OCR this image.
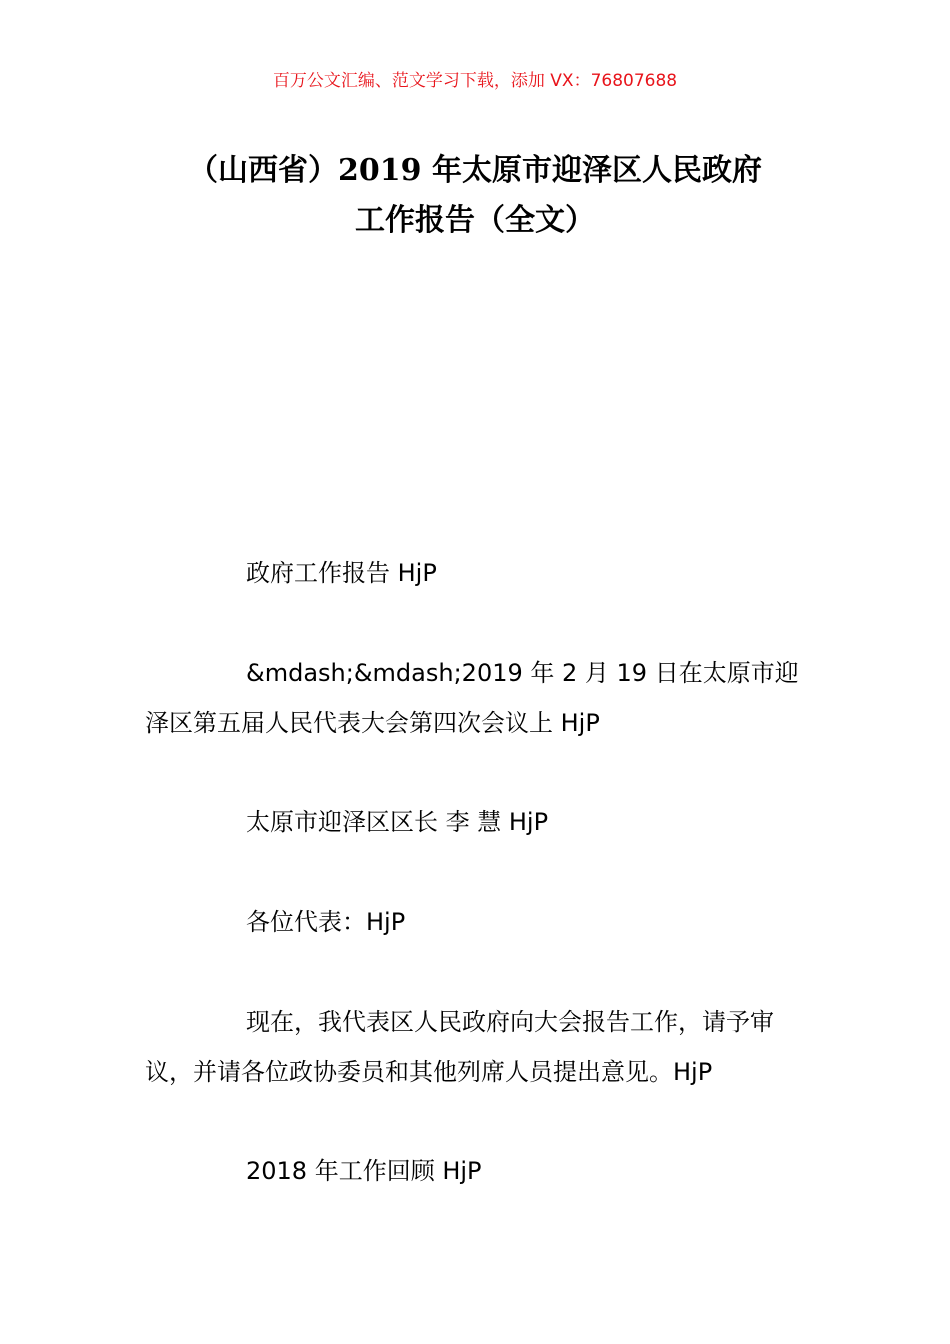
百万公文汇编、范文学习下载，添加 VX：76807688
（山西省）2019 年太原市迎泽区人民政府
工作报告（全文）

政府工作报告 HjP

&mdash;&mdash;2019 年 2 月 19 日在太原市迎泽区第五届人民代表大会第四次会议上 HjP

太原市迎泽区区长 李 慧 HjP

各位代表：HjP

现在，我代表区人民政府向大会报告工作，请予审议，并请各位政协委员和其他列席人员提出意见。HjP

2018 年工作回顾 HjP
